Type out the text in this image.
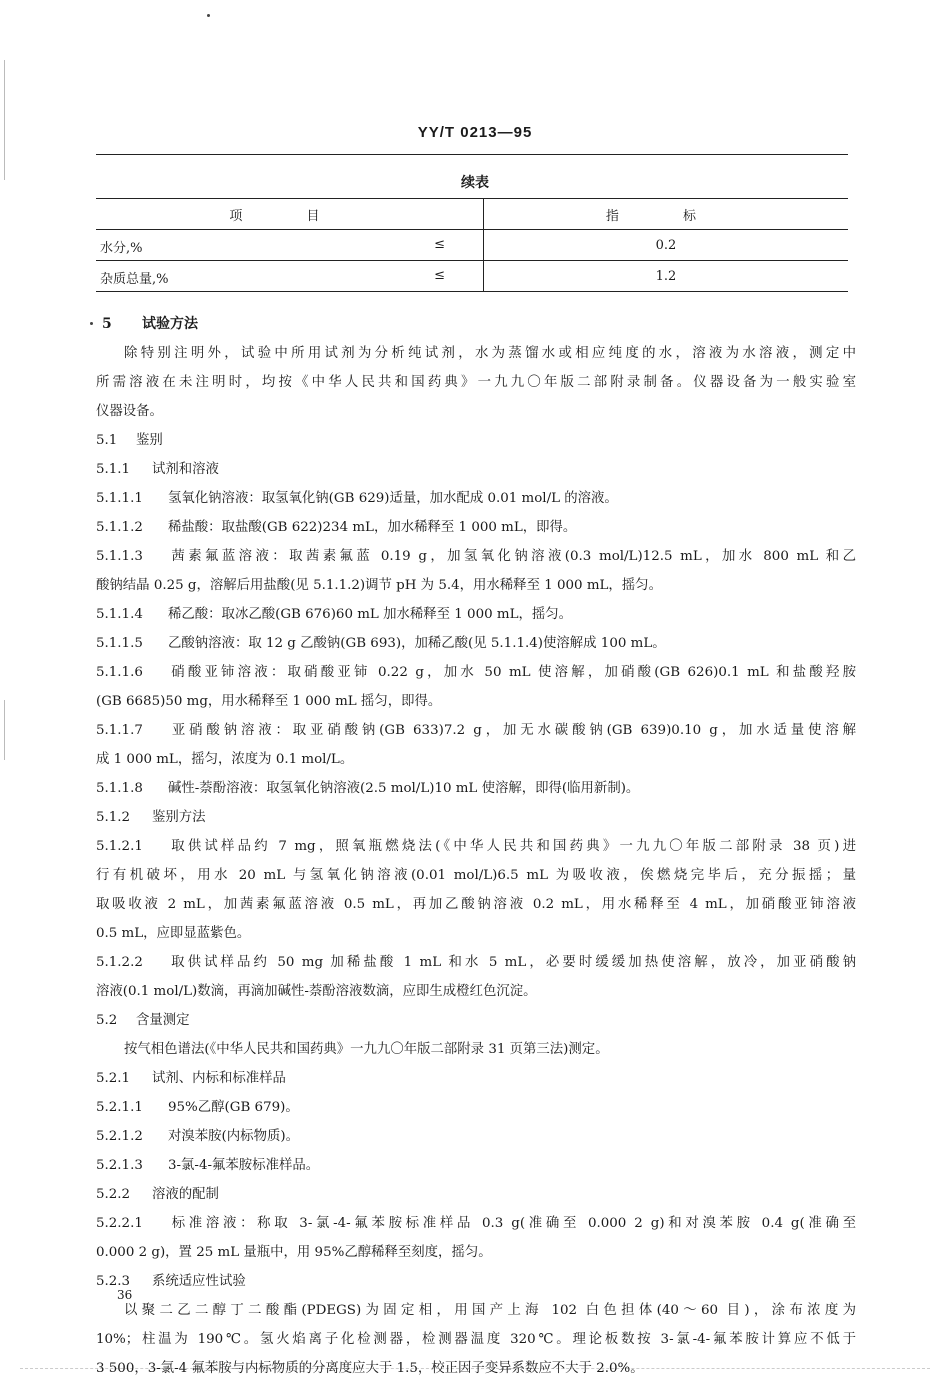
YY/T 0213—95
续表
项 目	指 标

水分,% ≤	0.2

杂质总量,% ≤	1.2
5 试验方法
除特别注明外，试验中所用试剂为分析纯试剂，水为蒸馏水或相应纯度的水，溶液为水溶液，测定中
所需溶液在未注明时，均按《中华人民共和国药典》一九九〇年版二部附录制备。仪器设备为一般实验室
仪器设备。
5.1 鉴别
5.1.1 试剂和溶液
5.1.1.1 氢氧化钠溶液：取氢氧化钠(GB 629)适量，加水配成 0.01 mol/L 的溶液。
5.1.1.2 稀盐酸：取盐酸(GB 622)234 mL，加水稀释至 1 000 mL，即得。
5.1.1.3 茜素氟蓝溶液：取茜素氟蓝 0.19 g，加氢氧化钠溶液(0.3 mol/L)12.5 mL，加水 800 mL 和乙
酸钠结晶 0.25 g，溶解后用盐酸(见 5.1.1.2)调节 pH 为 5.4，用水稀释至 1 000 mL，摇匀。
5.1.1.4 稀乙酸：取冰乙酸(GB 676)60 mL 加水稀释至 1 000 mL，摇匀。
5.1.1.5 乙酸钠溶液：取 12 g 乙酸钠(GB 693)，加稀乙酸(见 5.1.1.4)使溶解成 100 mL。
5.1.1.6 硝酸亚铈溶液：取硝酸亚铈 0.22 g，加水 50 mL 使溶解，加硝酸(GB 626)0.1 mL 和盐酸羟胺
(GB 6685)50 mg，用水稀释至 1 000 mL 摇匀，即得。
5.1.1.7 亚硝酸钠溶液：取亚硝酸钠(GB 633)7.2 g，加无水碳酸钠(GB 639)0.10 g，加水适量使溶解
成 1 000 mL，摇匀，浓度为 0.1 mol/L。
5.1.1.8 碱性-萘酚溶液：取氢氧化钠溶液(2.5 mol/L)10 mL 使溶解，即得(临用新制)。
5.1.2 鉴别方法
5.1.2.1 取供试样品约 7 mg，照氧瓶燃烧法(《中华人民共和国药典》一九九〇年版二部附录 38 页)进
行有机破坏，用水 20 mL 与氢氧化钠溶液(0.01 mol/L)6.5 mL 为吸收液，俟燃烧完毕后，充分振摇；量
取吸收液 2 mL，加茜素氟蓝溶液 0.5 mL，再加乙酸钠溶液 0.2 mL，用水稀释至 4 mL，加硝酸亚铈溶液
0.5 mL，应即显蓝紫色。
5.1.2.2 取供试样品约 50 mg 加稀盐酸 1 mL 和水 5 mL，必要时缓缓加热使溶解，放冷，加亚硝酸钠
溶液(0.1 mol/L)数滴，再滴加碱性-萘酚溶液数滴，应即生成橙红色沉淀。
5.2 含量测定
按气相色谱法(《中华人民共和国药典》一九九〇年版二部附录 31 页第三法)测定。
5.2.1 试剂、内标和标准样品
5.2.1.1 95%乙醇(GB 679)。
5.2.1.2 对溴苯胺(内标物质)。
5.2.1.3 3-氯-4-氟苯胺标准样品。
5.2.2 溶液的配制
5.2.2.1 标准溶液：称取 3-氯-4-氟苯胺标准样品 0.3 g(准确至 0.000 2 g)和对溴苯胺 0.4 g(准确至
0.000 2 g)，置 25 mL 量瓶中，用 95%乙醇稀释至刻度，摇匀。
5.2.3 系统适应性试验
以聚二乙二醇丁二酸酯(PDEGS)为固定相，用国产上海 102 白色担体(40～60 目)，涂布浓度为
10%；柱温为 190℃。氢火焰离子化检测器，检测器温度 320℃。理论板数按 3-氯-4-氟苯胺计算应不低于
3 500，3-氯-4 氟苯胺与内标物质的分离度应大于 1.5，校正因子变异系数应不大于 2.0%。
36
